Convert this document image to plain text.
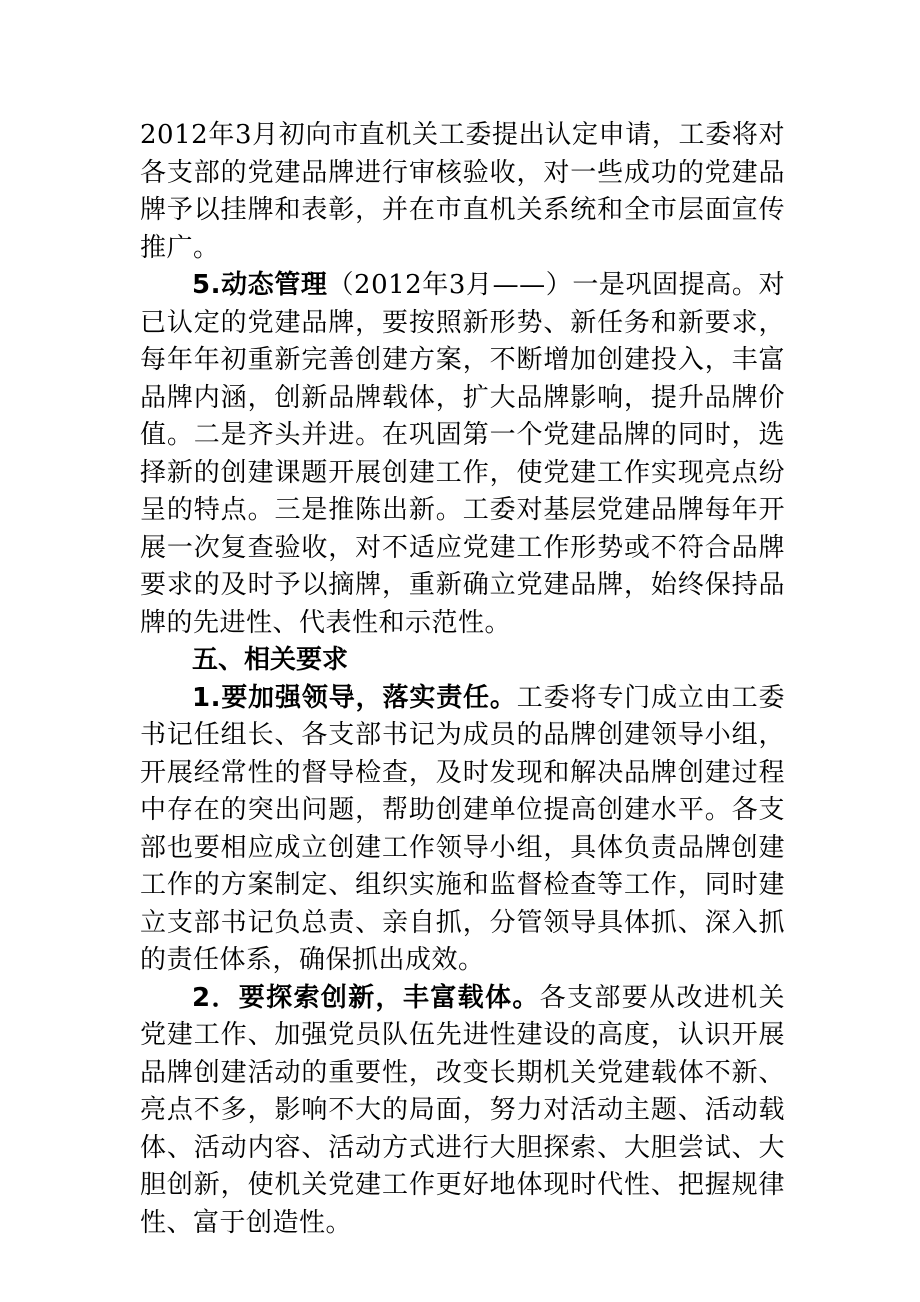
2012年3月初向市直机关工委提出认定申请，工委将对各支部的党建品牌进行审核验收，对一些成功的党建品牌予以挂牌和表彰，并在市直机关系统和全市层面宣传推广。

5.动态管理（2012年3月——）一是巩固提高。对已认定的党建品牌，要按照新形势、新任务和新要求，每年年初重新完善创建方案，不断增加创建投入，丰富品牌内涵，创新品牌载体，扩大品牌影响，提升品牌价值。二是齐头并进。在巩固第一个党建品牌的同时，选择新的创建课题开展创建工作，使党建工作实现亮点纷呈的特点。三是推陈出新。工委对基层党建品牌每年开展一次复查验收，对不适应党建工作形势或不符合品牌要求的及时予以摘牌，重新确立党建品牌，始终保持品牌的先进性、代表性和示范性。

五、相关要求

1.要加强领导，落实责任。工委将专门成立由工委书记任组长、各支部书记为成员的品牌创建领导小组，开展经常性的督导检查，及时发现和解决品牌创建过程中存在的突出问题，帮助创建单位提高创建水平。各支部也要相应成立创建工作领导小组，具体负责品牌创建工作的方案制定、组织实施和监督检查等工作，同时建立支部书记负总责、亲自抓，分管领导具体抓、深入抓的责任体系，确保抓出成效。

2．要探索创新，丰富载体。各支部要从改进机关党建工作、加强党员队伍先进性建设的高度，认识开展品牌创建活动的重要性，改变长期机关党建载体不新、亮点不多，影响不大的局面，努力对活动主题、活动载体、活动内容、活动方式进行大胆探索、大胆尝试、大胆创新，使机关党建工作更好地体现时代性、把握规律性、富于创造性。
